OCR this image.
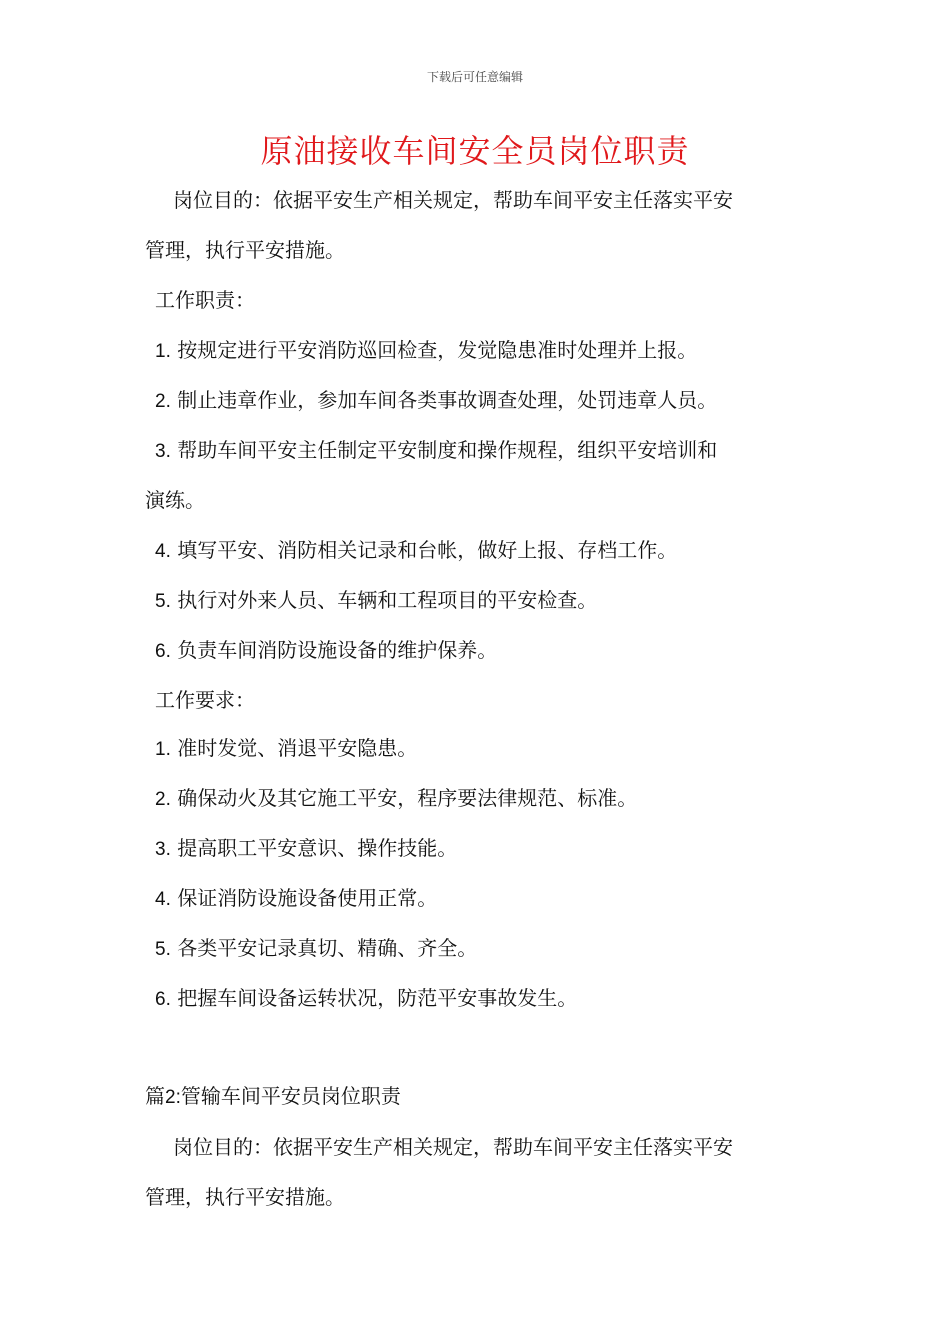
下载后可任意编辑
原油接收车间安全员岗位职责
岗位目的：依据平安生产相关规定，帮助车间平安主任落实平安
管理，执行平安措施。
工作职责：
1. 按规定进行平安消防巡回检查，发觉隐患准时处理并上报。
2. 制止违章作业，参加车间各类事故调查处理，处罚违章人员。
3. 帮助车间平安主任制定平安制度和操作规程，组织平安培训和
演练。
4. 填写平安、消防相关记录和台帐，做好上报、存档工作。
5. 执行对外来人员、车辆和工程项目的平安检查。
6. 负责车间消防设施设备的维护保养。
工作要求：
1. 准时发觉、消退平安隐患。
2. 确保动火及其它施工平安，程序要法律规范、标准。
3. 提高职工平安意识、操作技能。
4. 保证消防设施设备使用正常。
5. 各类平安记录真切、精确、齐全。
6. 把握车间设备运转状况，防范平安事故发生。
篇2:管输车间平安员岗位职责
岗位目的：依据平安生产相关规定，帮助车间平安主任落实平安
管理，执行平安措施。
